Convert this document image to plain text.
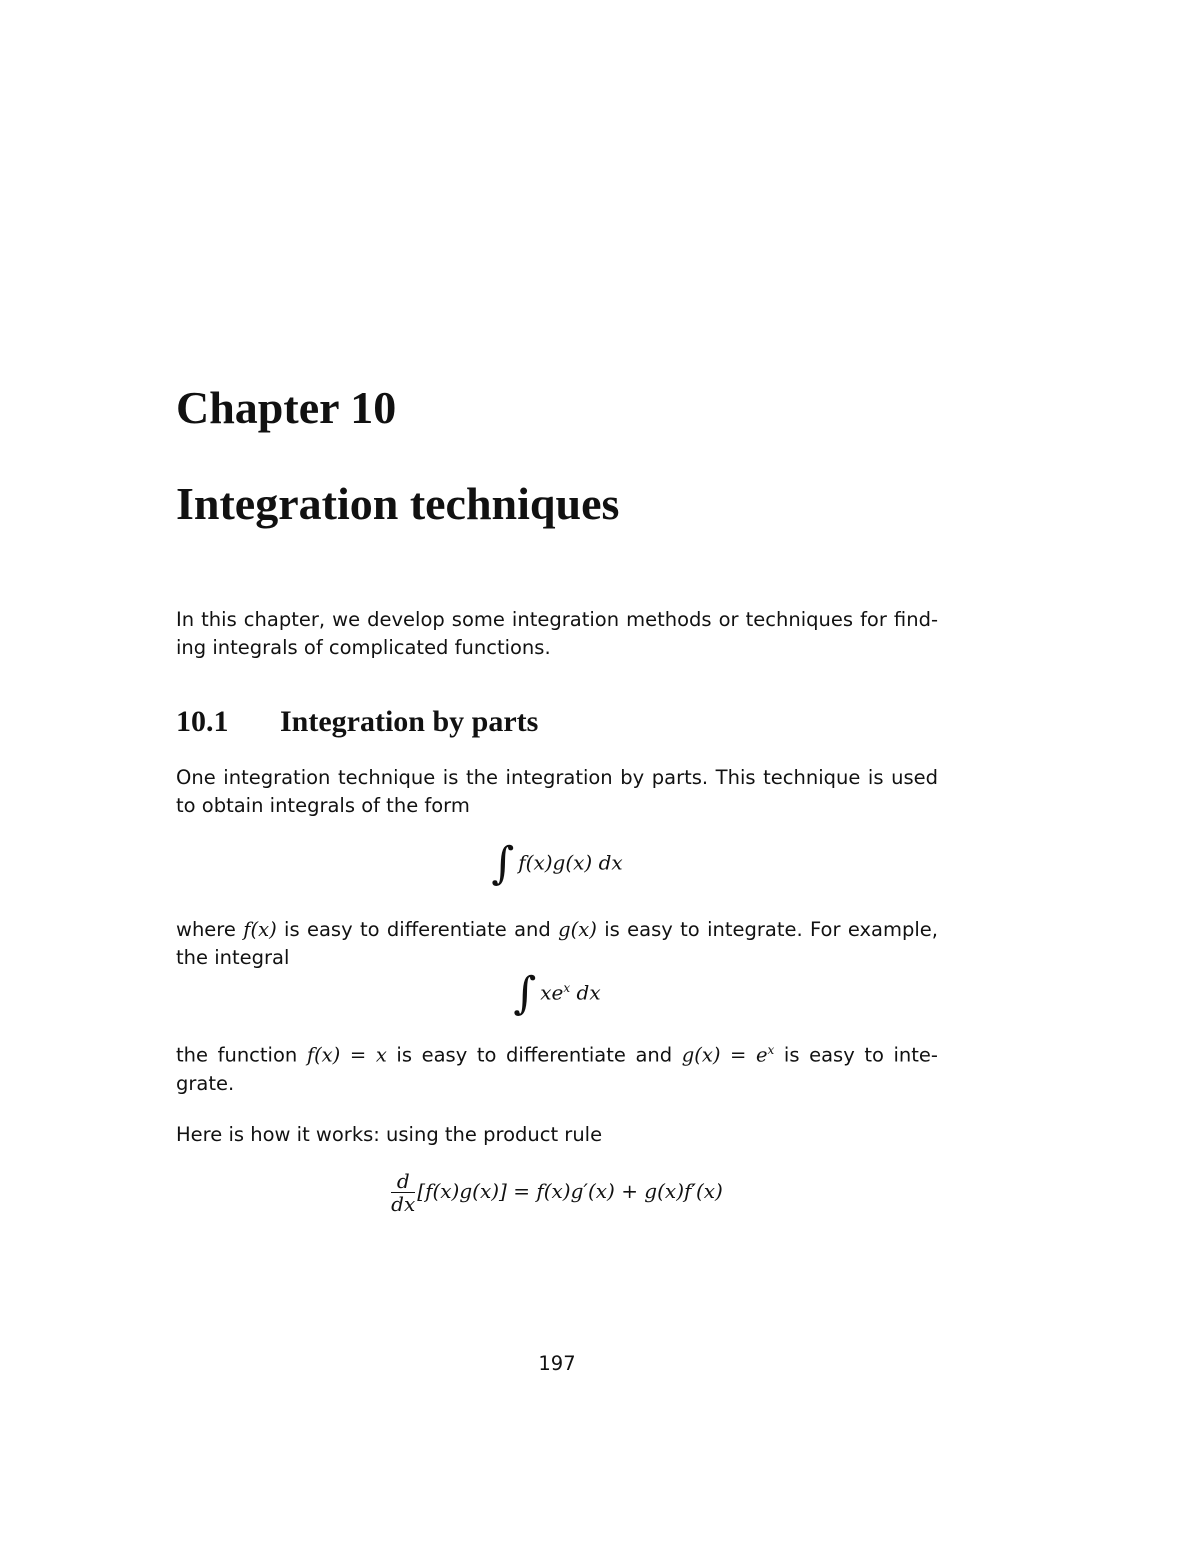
Chapter 10
Integration techniques
In this chapter, we develop some integration methods or techniques for find-
ing integrals of complicated functions.
10.1 Integration by parts
One integration technique is the integration by parts. This technique is used
to obtain integrals of the form
∫ f(x)g(x) dx
where f(x) is easy to differentiate and g(x) is easy to integrate. For example,
the integral
∫ $xe^x$ dx
the function f(x) = x is easy to differentiate and $g(x) = e^x$ is easy to inte-
grate.
Here is how it works: using the product rule
$\frac{d}{dx} [f(x)g(x)] = f(x)g'(x) + g(x)f'(x)$
197
